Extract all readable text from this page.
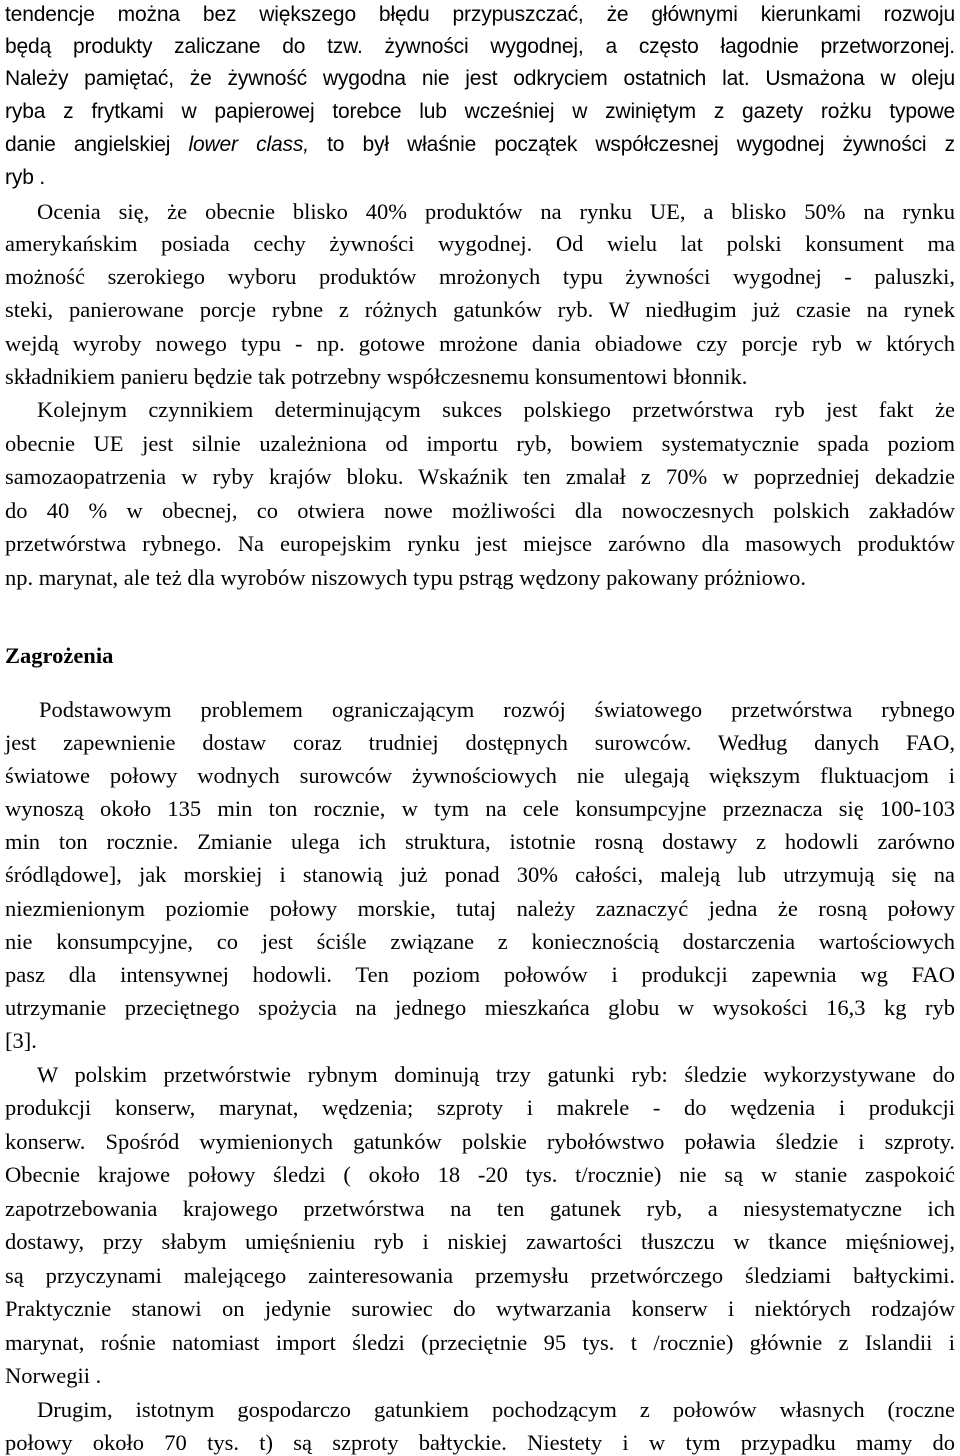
tendencje można bez większego błędu przypuszczać, że głównymi kierunkami rozwoju
będą produkty zaliczane do tzw. żywności wygodnej, a często łagodnie przetworzonej.
Należy pamiętać, że żywność wygodna nie jest odkryciem ostatnich lat. Usmażona w oleju
ryba z frytkami w papierowej torebce lub wcześniej w zwiniętym z gazety rożku typowe
danie angielskiej lower class, to był właśnie początek współczesnej wygodnej żywności z
ryb .
Ocenia się, że obecnie blisko 40% produktów na rynku UE, a blisko 50% na rynku
amerykańskim posiada cechy żywności wygodnej. Od wielu lat polski konsument ma
możność szerokiego wyboru produktów mrożonych typu żywności wygodnej - paluszki,
steki, panierowane porcje rybne z różnych gatunków ryb. W niedługim już czasie na rynek
wejdą wyroby nowego typu - np. gotowe mrożone dania obiadowe czy porcje ryb w których
składnikiem panieru będzie tak potrzebny współczesnemu konsumentowi błonnik.
Kolejnym czynnikiem determinującym sukces polskiego przetwórstwa ryb jest fakt że
obecnie UE jest silnie uzależniona od importu ryb, bowiem systematycznie spada poziom
samozaopatrzenia w ryby krajów bloku. Wskaźnik ten zmalał z 70% w poprzedniej dekadzie
do 40 % w obecnej, co otwiera nowe możliwości dla nowoczesnych polskich zakładów
przetwórstwa rybnego. Na europejskim rynku jest miejsce zarówno dla masowych produktów
np. marynat, ale też dla wyrobów niszowych typu pstrąg wędzony pakowany próżniowo.
Zagrożenia
Podstawowym problemem ograniczającym rozwój światowego przetwórstwa rybnego
jest zapewnienie dostaw coraz trudniej dostępnych surowców. Według danych FAO,
światowe połowy wodnych surowców żywnościowych nie ulegają większym fluktuacjom i
wynoszą około 135 min ton rocznie, w tym na cele konsumpcyjne przeznacza się 100-103
min ton rocznie. Zmianie ulega ich struktura, istotnie rosną dostawy z hodowli zarówno
śródlądowe], jak morskiej i stanowią już ponad 30% całości, maleją lub utrzymują się na
niezmienionym poziomie połowy morskie, tutaj należy zaznaczyć jedna że rosną połowy
nie konsumpcyjne, co jest ściśle związane z koniecznością dostarczenia wartościowych
pasz dla intensywnej hodowli. Ten poziom połowów i produkcji zapewnia wg FAO
utrzymanie przeciętnego spożycia na jednego mieszkańca globu w wysokości 16,3 kg ryb
[3].
W polskim przetwórstwie rybnym dominują trzy gatunki ryb: śledzie wykorzystywane do
produkcji konserw, marynat, wędzenia; szproty i makrele - do wędzenia i produkcji
konserw. Spośród wymienionych gatunków polskie rybołówstwo poławia śledzie i szproty.
Obecnie krajowe połowy śledzi ( około 18 -20 tys. t/rocznie) nie są w stanie zaspokoić
zapotrzebowania krajowego przetwórstwa na ten gatunek ryb, a niesystematyczne ich
dostawy, przy słabym umięśnieniu ryb i niskiej zawartości tłuszczu w tkance mięśniowej,
są przyczynami malejącego zainteresowania przemysłu przetwórczego śledziami bałtyckimi.
Praktycznie stanowi on jedynie surowiec do wytwarzania konserw i niektórych rodzajów
marynat, rośnie natomiast import śledzi (przeciętnie 95 tys. t /rocznie) głównie z Islandii i
Norwegii .
Drugim, istotnym gospodarczo gatunkiem pochodzącym z połowów własnych (roczne
połowy około 70 tys. t) są szproty bałtyckie. Niestety i w tym przypadku mamy do
